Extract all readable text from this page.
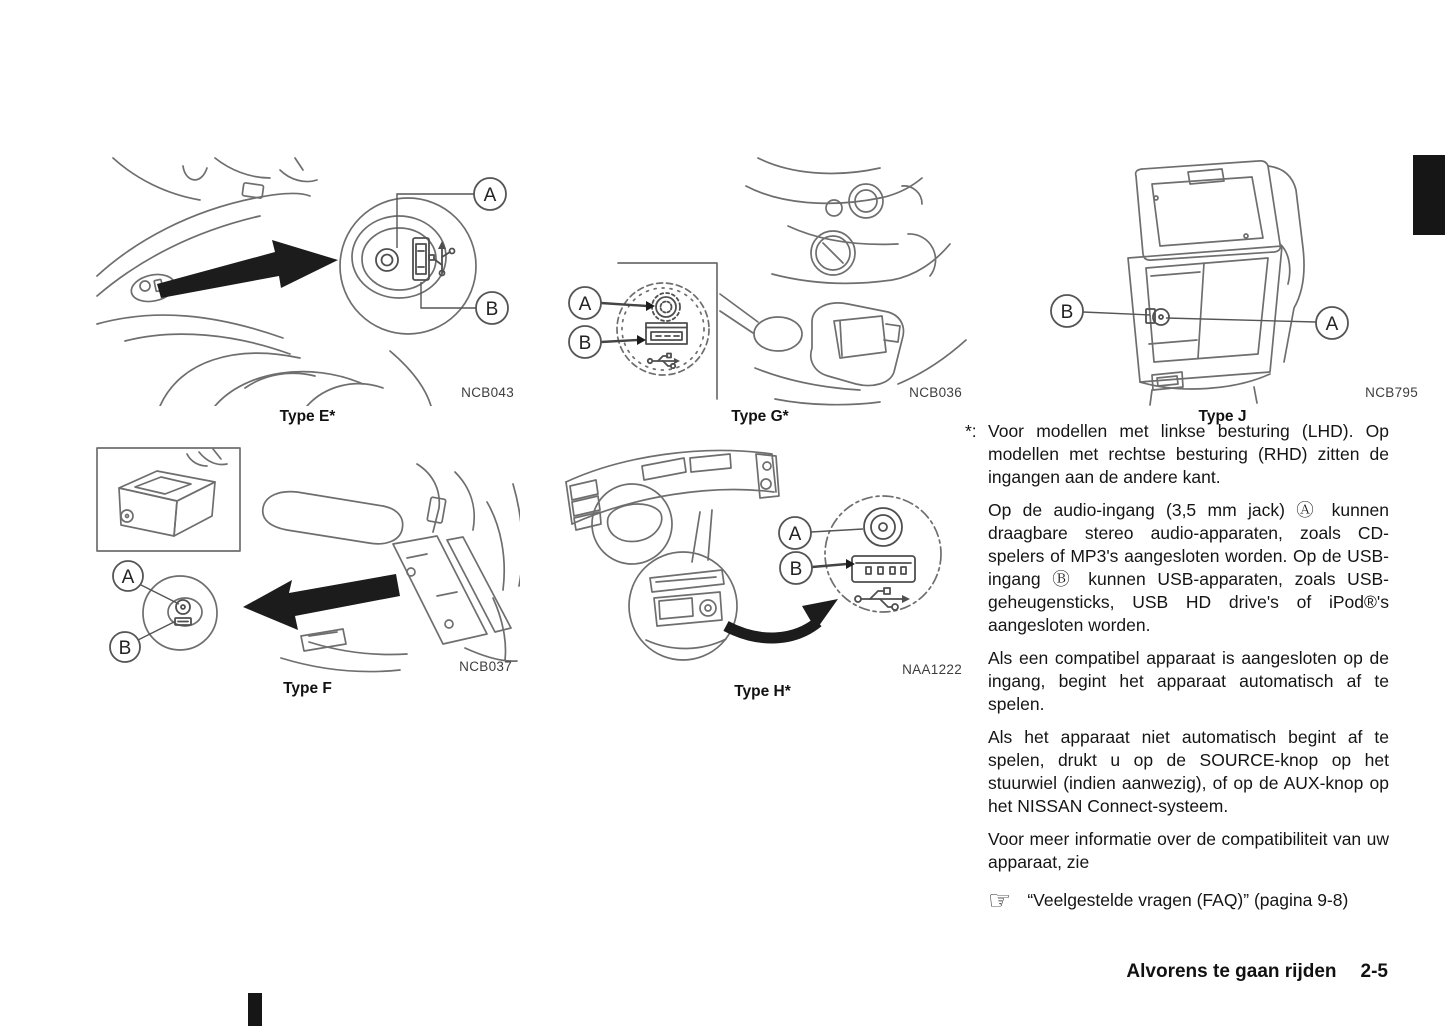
A
B
NCB043
Type E*
A
B
NCB036
Type G*
B
A
NCB795
Type J
A
B
NCB037
Type F
A
B
NAA1222
Type H*

*: Voor modellen met linkse besturing (LHD). Op modellen met rechtse besturing (RHD) zitten de ingangen aan de andere kant.

Op de audio-ingang (3,5 mm jack) Ⓐ kunnen draagbare stereo audio-apparaten, zoals CD-spelers of MP3's aangesloten worden. Op de USB-ingang Ⓑ kunnen USB-apparaten, zoals USB-geheugensticks, USB HD drive's of iPod®'s aangesloten worden.

Als een compatibel apparaat is aangesloten op de ingang, begint het apparaat automatisch af te spelen.

Als het apparaat niet automatisch begint af te spelen, drukt u op de SOURCE-knop op het stuurwiel (indien aanwezig), of op de AUX-knop op het NISSAN Connect-systeem.

Voor meer informatie over de compatibiliteit van uw apparaat, zie

☞ “Veelgestelde vragen (FAQ)” (pagina 9-8)
Alvorens te gaan rijden 2-5
